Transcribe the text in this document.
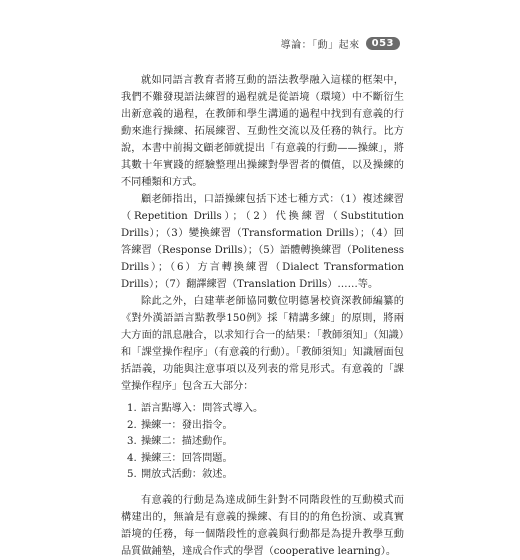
導論：「動」起來	053

就如同語言教育者將互動的語法教學融入這樣的框架中，我們不難發現語法練習的過程就是從語境（環境）中不斷衍生出新意義的過程，在教師和學生溝通的過程中找到有意義的行動來進行操練、拓展練習、互動性交流以及任務的執行。比方說，本書中前揭文顧老師就提出「有意義的行動——操練」，將其數十年實踐的經驗整理出操練對學習者的價值，以及操練的不同種類和方式。

顧老師指出，口語操練包括下述七種方式：（1）複述練習（Repetition Drills）；（2）代換練習（Substitution Drills）；（3）變換練習（Transformation Drills）；（4）回答練習（Response Drills）；（5）語體轉換練習（Politeness Drills）；（6）方言轉換練習（Dialect Transformation Drills）；（7）翻譯練習（Translation Drills）……等。

除此之外，白建華老師協同數位明德暑校資深教師編纂的《對外漢語語言點教學150例》採「精講多練」的原則，將兩大方面的訊息融合，以求知行合一的結果：「教師須知」（知識）和「課堂操作程序」（有意義的行動）。「教師須知」知識層面包括語義，功能與注意事項以及列表的常見形式。有意義的「課堂操作程序」包含五大部分：

1. 語言點導入：問答式導入。
2. 操練一：發出指令。
3. 操練二：描述動作。
4. 操練三：回答問題。
5. 開放式活動：敘述。

有意義的行動是為達成師生針對不同階段性的互動模式而構建出的，無論是有意義的操練、有目的的角色扮演、或真實語境的任務，每一個階段性的意義與行動都是為提升教學互動品質做鋪墊，達成合作式的學習（cooperative learning）。
